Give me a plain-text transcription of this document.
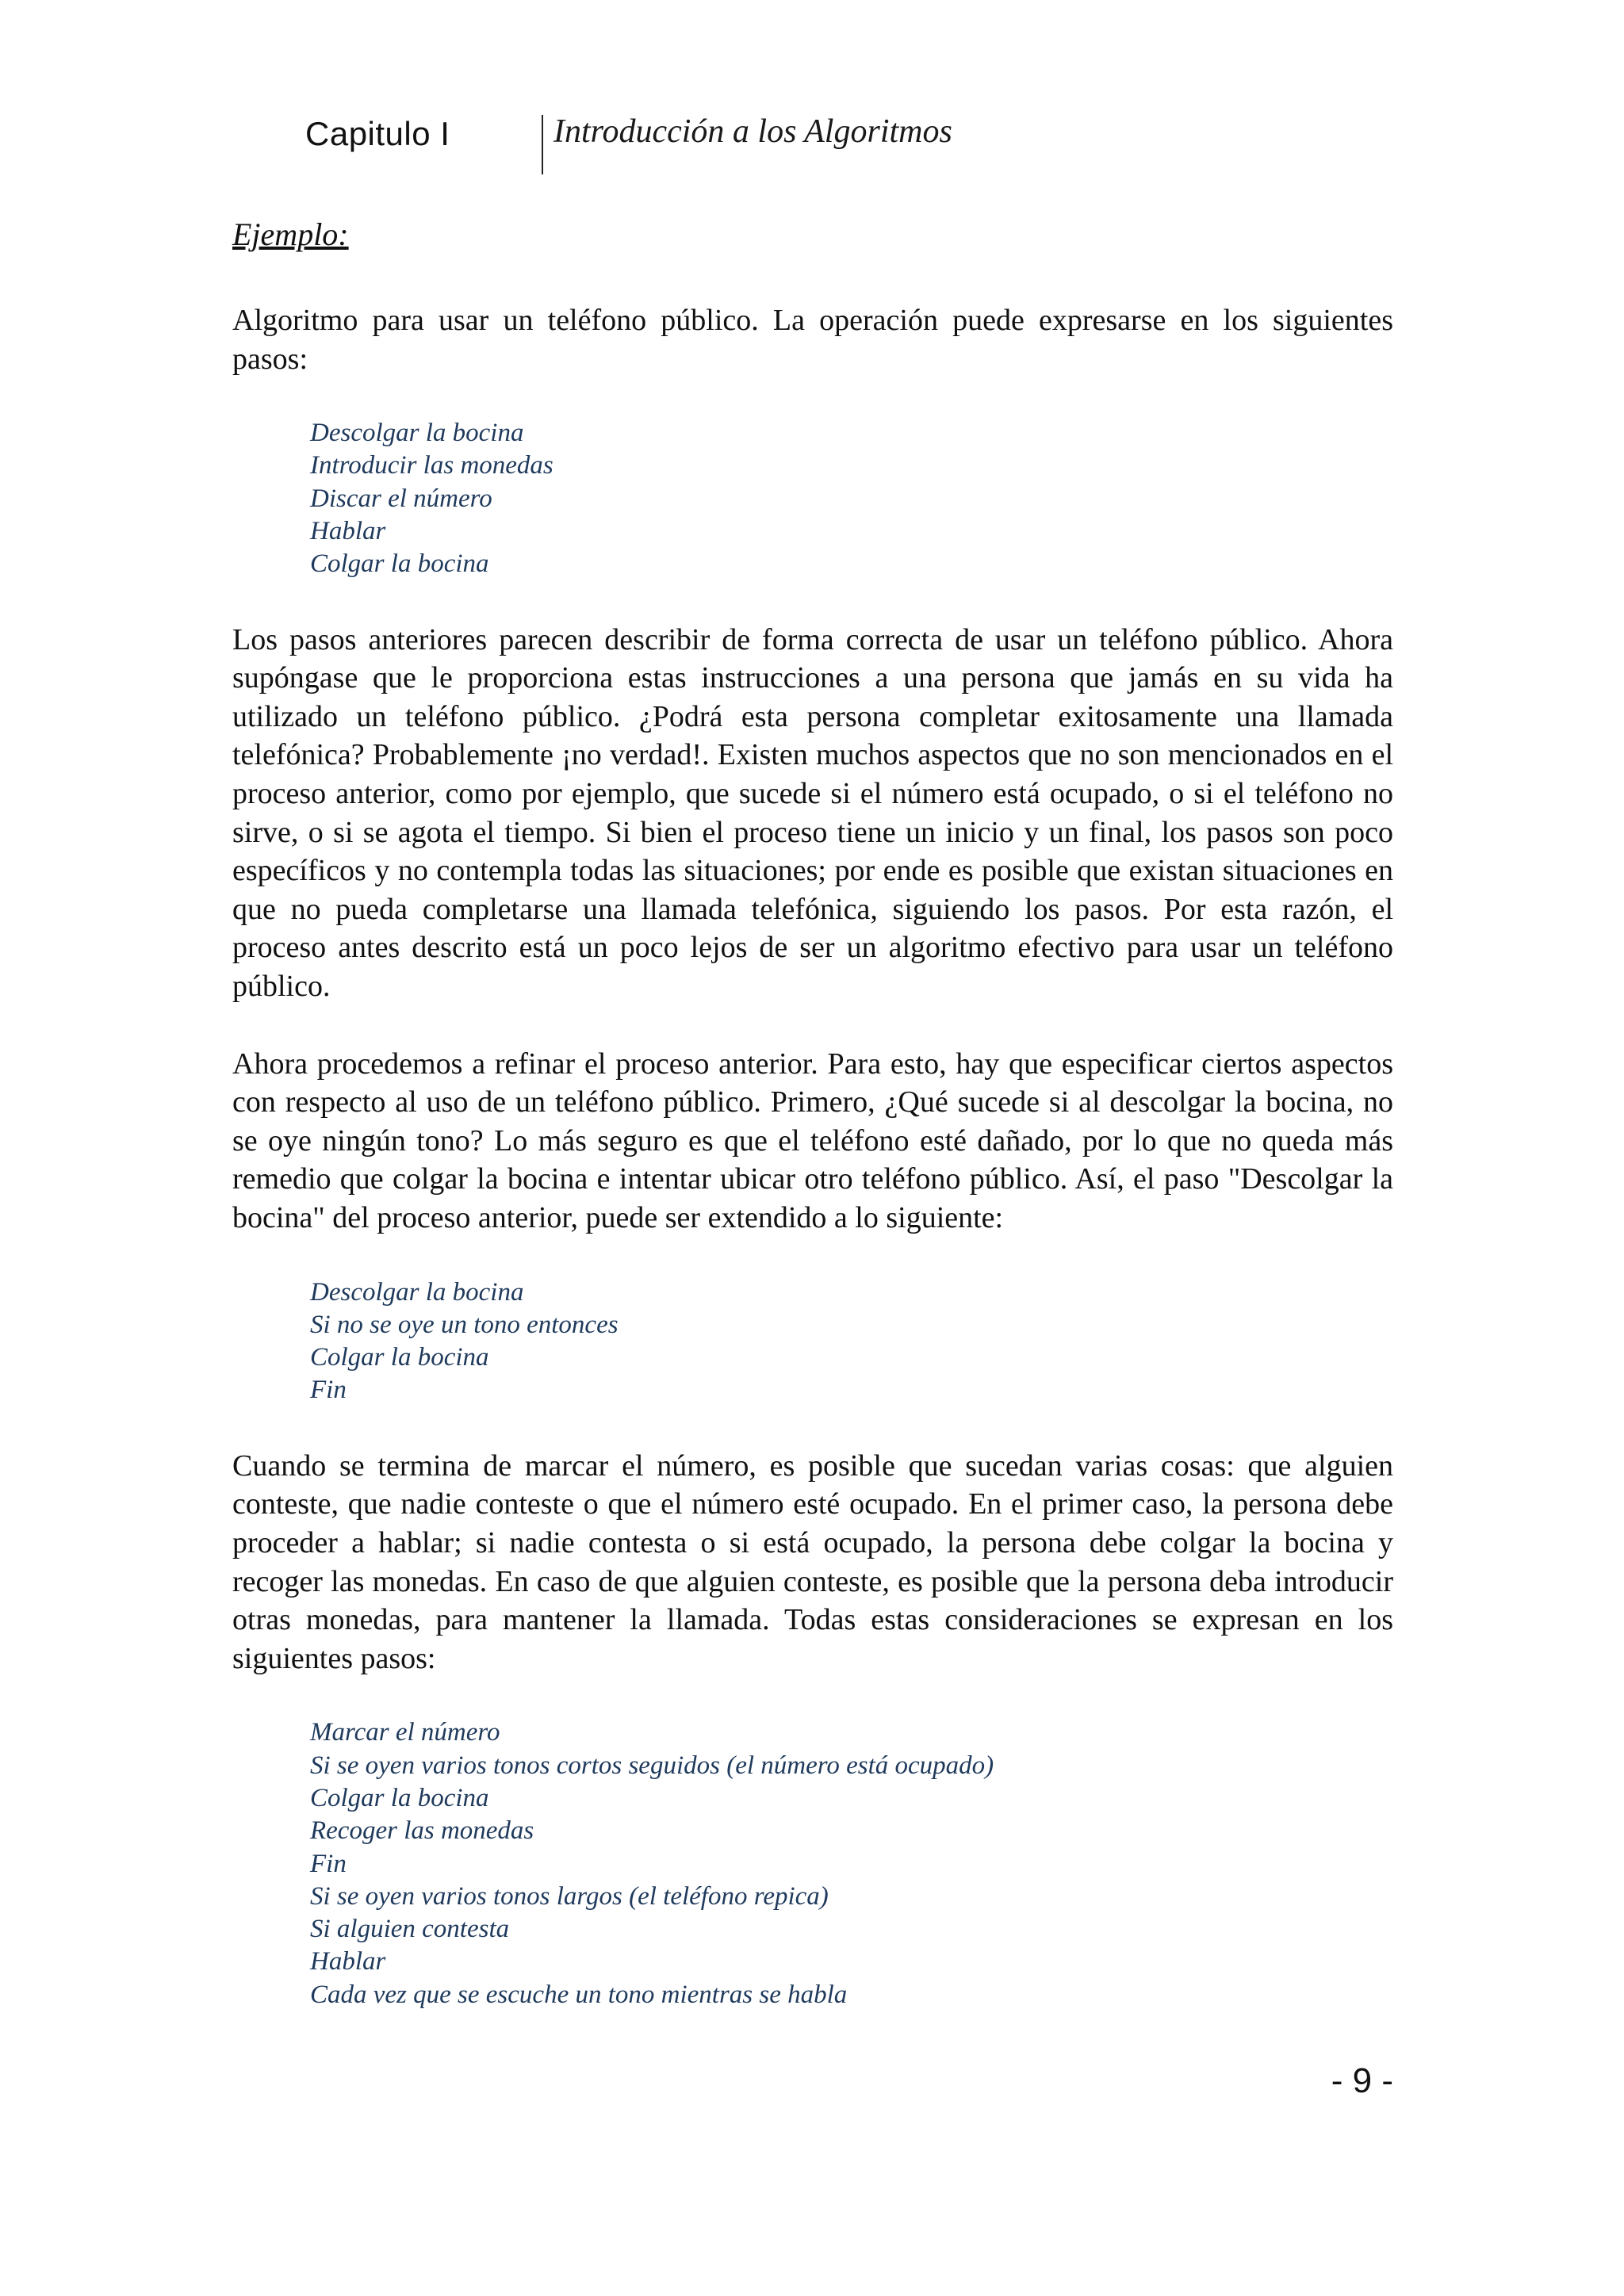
Capitulo I	Introducción a los Algoritmos
Ejemplo:

Algoritmo para usar un teléfono público. La operación puede expresarse en los siguientes pasos:

Descolgar la bocina
Introducir las monedas
Discar el número
Hablar
Colgar la bocina

Los pasos anteriores parecen describir de forma correcta de usar un teléfono público. Ahora supóngase que le proporciona estas instrucciones a una persona que jamás en su vida ha utilizado un teléfono público. ¿Podrá esta persona completar exitosamente una llamada telefónica? Probablemente ¡no verdad!. Existen muchos aspectos que no son mencionados en el proceso anterior, como por ejemplo, que sucede si el número está ocupado, o si el teléfono no sirve, o si se agota el tiempo. Si bien el proceso tiene un inicio y un final, los pasos son poco específicos y no contempla todas las situaciones; por ende es posible que existan situaciones en que no pueda completarse una llamada telefónica, siguiendo los pasos. Por esta razón, el proceso antes descrito está un poco lejos de ser un algoritmo efectivo para usar un teléfono público.

Ahora procedemos a refinar el proceso anterior. Para esto, hay que especificar ciertos aspectos con respecto al uso de un teléfono público. Primero, ¿Qué sucede si al descolgar la bocina, no se oye ningún tono? Lo más seguro es que el teléfono esté dañado, por lo que no queda más remedio que colgar la bocina e intentar ubicar otro teléfono público. Así, el paso "Descolgar la bocina" del proceso anterior, puede ser extendido a lo siguiente:

Descolgar la bocina
Si no se oye un tono entonces
Colgar la bocina
Fin

Cuando se termina de marcar el número, es posible que sucedan varias cosas: que alguien conteste, que nadie conteste o que el número esté ocupado. En el primer caso, la persona debe proceder a hablar; si nadie contesta o si está ocupado, la persona debe colgar la bocina y recoger las monedas. En caso de que alguien conteste, es posible que la persona deba introducir otras monedas, para mantener la llamada. Todas estas consideraciones se expresan en los siguientes pasos:

Marcar el número
Si se oyen varios tonos cortos seguidos (el número está ocupado)
Colgar la bocina
Recoger las monedas
Fin
Si se oyen varios tonos largos (el teléfono repica)
Si alguien contesta
Hablar
Cada vez que se escuche un tono mientras se habla
- 9 -
